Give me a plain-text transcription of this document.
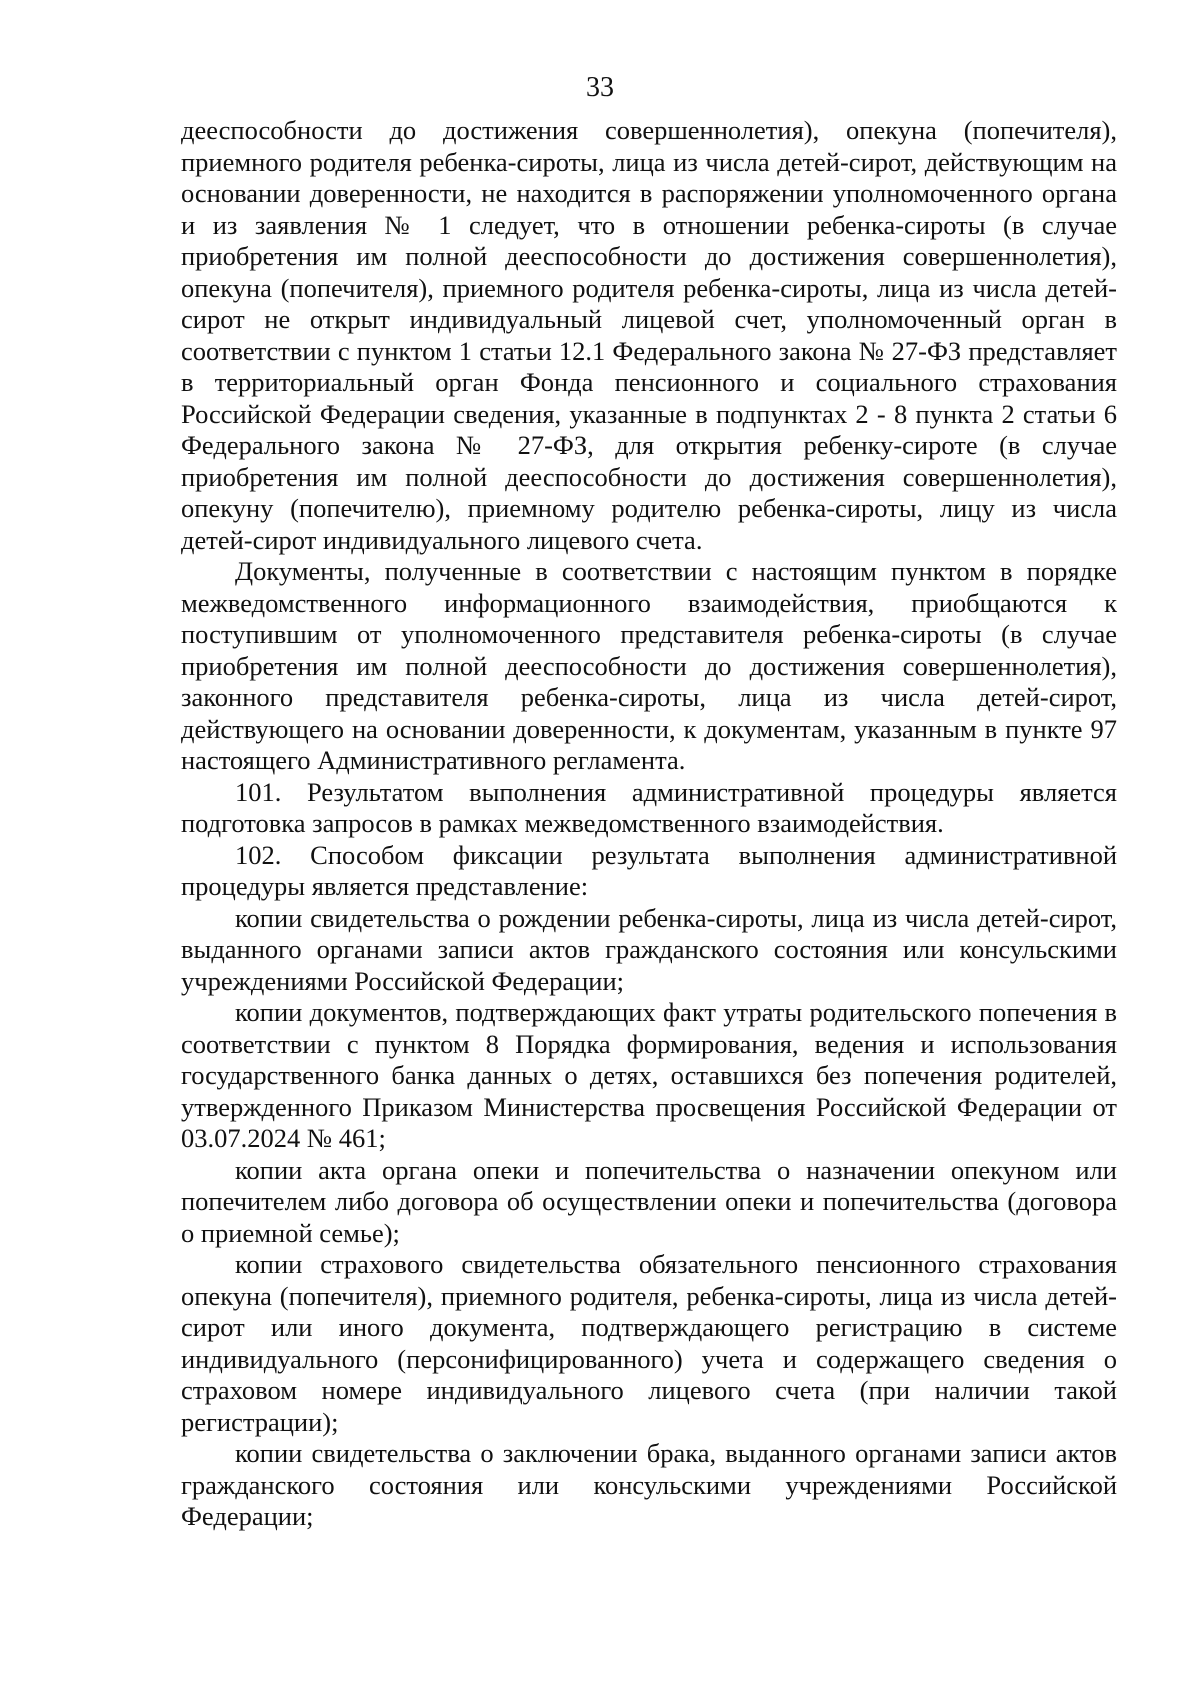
33

дееспособности до достижения совершеннолетия), опекуна (попечителя), приемного родителя ребенка-сироты, лица из числа детей-сирот, действующим на основании доверенности, не находится в распоряжении уполномоченного органа и из заявления № 1 следует, что в отношении ребенка-сироты (в случае приобретения им полной дееспособности до достижения совершеннолетия), опекуна (попечителя), приемного родителя ребенка-сироты, лица из числа детей-сирот не открыт индивидуальный лицевой счет, уполномоченный орган в соответствии с пунктом 1 статьи 12.1 Федерального закона № 27-ФЗ представляет в территориальный орган Фонда пенсионного и социального страхования Российской Федерации сведения, указанные в подпунктах 2 - 8 пункта 2 статьи 6 Федерального закона № 27-ФЗ, для открытия ребенку-сироте (в случае приобретения им полной дееспособности до достижения совершеннолетия), опекуну (попечителю), приемному родителю ребенка-сироты, лицу из числа детей-сирот индивидуального лицевого счета.

Документы, полученные в соответствии с настоящим пунктом в порядке межведомственного информационного взаимодействия, приобщаются к поступившим от уполномоченного представителя ребенка-сироты (в случае приобретения им полной дееспособности до достижения совершеннолетия), законного представителя ребенка-сироты, лица из числа детей-сирот, действующего на основании доверенности, к документам, указанным в пункте 97 настоящего Административного регламента.

101. Результатом выполнения административной процедуры является подготовка запросов в рамках межведомственного взаимодействия.

102. Способом фиксации результата выполнения административной процедуры является представление:

копии свидетельства о рождении ребенка-сироты, лица из числа детей-сирот, выданного органами записи актов гражданского состояния или консульскими учреждениями Российской Федерации;

копии документов, подтверждающих факт утраты родительского попечения в соответствии с пунктом 8 Порядка формирования, ведения и использования государственного банка данных о детях, оставшихся без попечения родителей, утвержденного Приказом Министерства просвещения Российской Федерации от 03.07.2024 № 461;

копии акта органа опеки и попечительства о назначении опекуном или попечителем либо договора об осуществлении опеки и попечительства (договора о приемной семье);

копии страхового свидетельства обязательного пенсионного страхования опекуна (попечителя), приемного родителя, ребенка-сироты, лица из числа детей-сирот или иного документа, подтверждающего регистрацию в системе индивидуального (персонифицированного) учета и содержащего сведения о страховом номере индивидуального лицевого счета (при наличии такой регистрации);

копии свидетельства о заключении брака, выданного органами записи актов гражданского состояния или консульскими учреждениями Российской Федерации;
